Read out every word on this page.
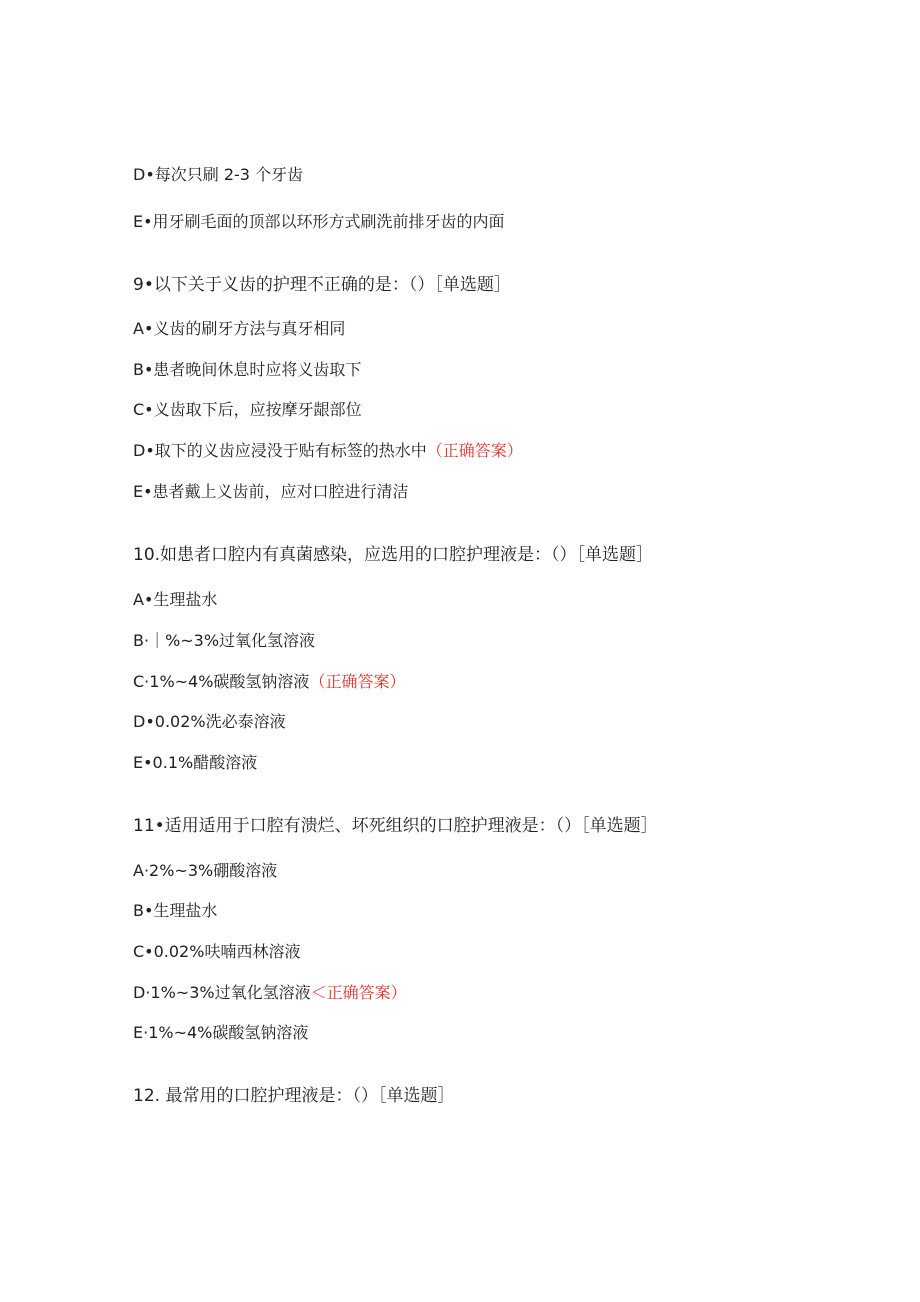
D•每次只刷 2-3 个牙齿
E•用牙刷毛面的顶部以环形方式刷洗前排牙齿的内面
9•以下关于义齿的护理不正确的是：（）［单选题］
A•义齿的刷牙方法与真牙相同
B•患者晚间休息时应将义齿取下
C•义齿取下后，应按摩牙龈部位
D•取下的义齿应浸没于贴有标签的热水中（正确答案）
E•患者戴上义齿前，应对口腔进行清洁
10.如患者口腔内有真菌感染，应选用的口腔护理液是：（）［单选题］
A•生理盐水
B·｜%~3%过氧化氢溶液
C·1%~4%碳酸氢钠溶液（正确答案）
D•0.02%洗必泰溶液
E•0.1%醋酸溶液
11•适用适用于口腔有溃烂、坏死组织的口腔护理液是：（）［单选题］
A·2%~3%硼酸溶液
B•生理盐水
C•0.02%呋喃西林溶液
D·1%~3%过氧化氢溶液＜正确答案）
E·1%~4%碳酸氢钠溶液
12. 最常用的口腔护理液是：（）［单选题］
